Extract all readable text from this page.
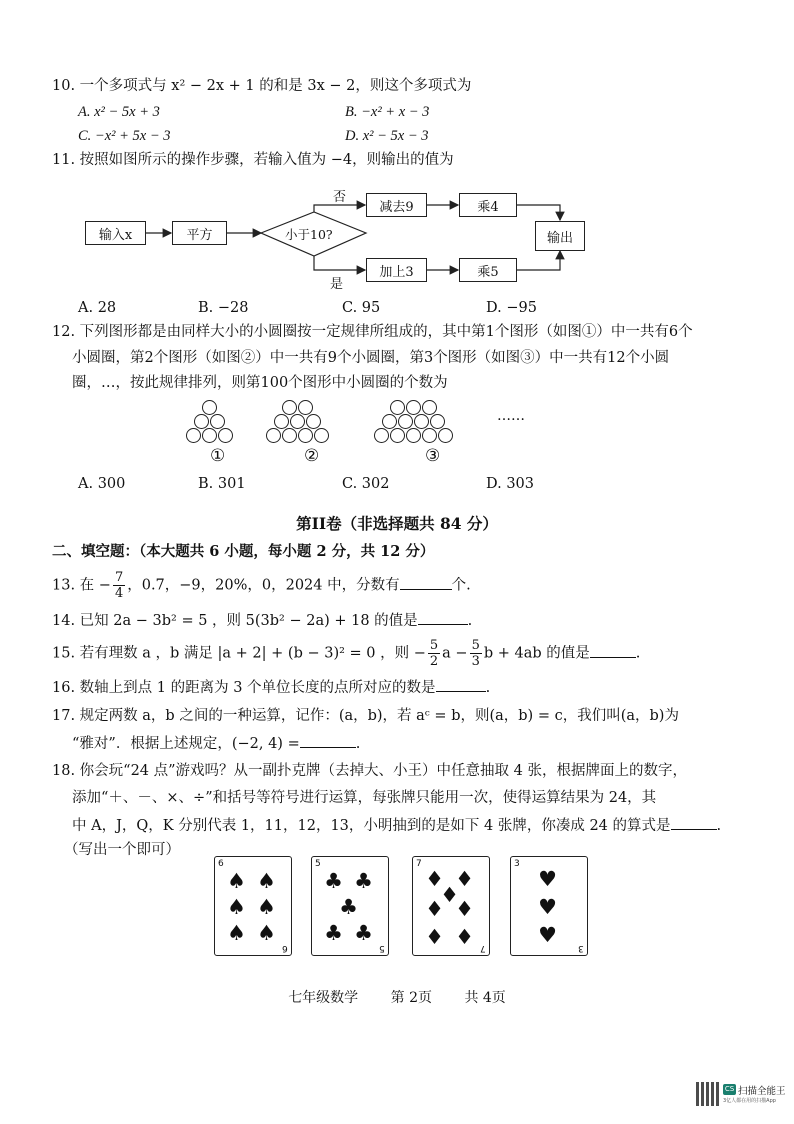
10. 一个多项式与 x² − 2x + 1 的和是 3x − 2，则这个多项式为
A. x² − 5x + 3	B. −x² + x − 3
C. −x² + 5x − 3	D. x² − 5x − 3
11. 按照如图所示的操作步骤，若输入值为 −4，则输出的值为
输入x	平方	小于10?
否
是
减去9	乘4
加上3	乘5
输出
A. 28	B. −28	C. 95	D. −95
12. 下列图形都是由同样大小的小圆圈按一定规律所组成的，其中第1个图形（如图①）中一共有6个
小圆圈，第2个图形（如图②）中一共有9个小圆圈，第3个图形（如图③）中一共有12个小圆
圈，…，按此规律排列，则第100个图形中小圆圈的个数为
①	②	③
……
A. 300	B. 301	C. 302	D. 303
第II卷（非选择题共 84 分）
二、填空题：（本大题共 6 小题，每小题 2 分，共 12 分）
13. 在 − $\frac{7}{4}$ ，0.7，−9，20%，0，2024 中，分数有	个.
14. 已知 2a − 3b² = 5 ，则 5(3b² − 2a) + 18 的值是	.
15. 若有理数 a ，b 满足 |a + 2| + (b − 3)² = 0 ，则 − $\frac{5}{2}$ $a - \frac{5}{3}$ b + 4ab 的值是	.
16. 数轴上到点 1 的距离为 3 个单位长度的点所对应的数是	.
17. 规定两数 a，b 之间的一种运算，记作：(a，b)，若 aᶜ = b，则(a，b) = c，我们叫(a，b)为
“雅对”．根据上述规定，(−2, 4) =	.
18. 你会玩“24 点”游戏吗？从一副扑克牌（去掉大、小王）中任意抽取 4 张，根据牌面上的数字，
添加“＋、－、×、÷”和括号等符号进行运算，每张牌只能用一次，使得运算结果为 24，其
中 A，J，Q，K 分别代表 1，11，12，13，小明抽到的是如下 4 张牌，你凑成 24 的算式是	.
（写出一个即可）
6
6
♠ ♠
♠ ♠
♠ ♠
5
5
♣ ♣
♣
♣ ♣
7
7
♦ ♦
♦
♦ ♦
♦ ♦
3
3
♥
♥
♥
七年级数学 第 2页 共 4页
CS 扫描全能王
3亿人都在用的扫描App
